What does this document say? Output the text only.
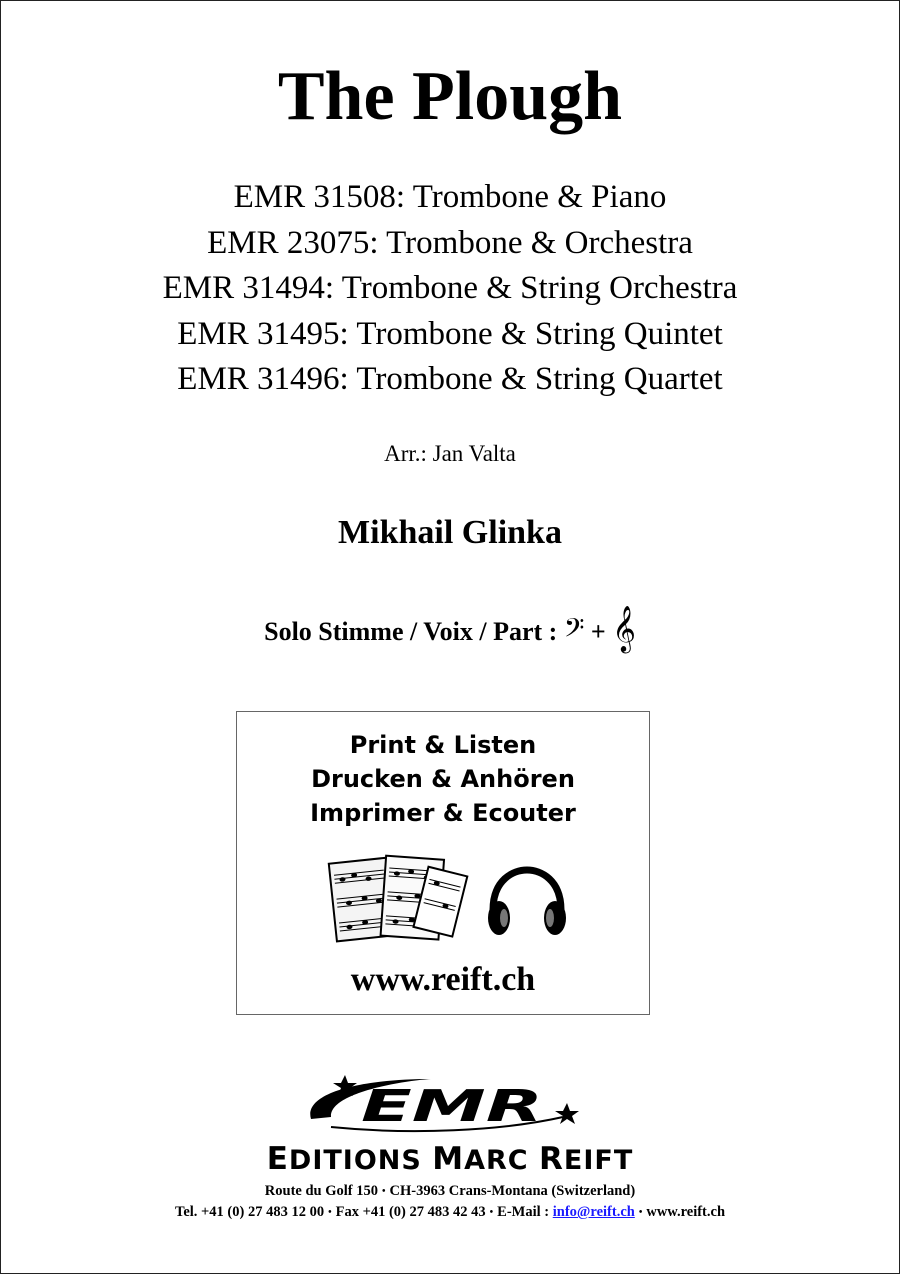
The Plough
EMR 31508: Trombone & Piano
EMR 23075: Trombone & Orchestra
EMR 31494: Trombone & String Orchestra
EMR 31495: Trombone & String Quintet
EMR 31496: Trombone & String Quartet
Arr.: Jan Valta
Mikhail Glinka
Solo Stimme / Voix / Part : 𝄢 + 𝄞
Print & Listen
Drucken & Anhören
Imprimer & Ecouter
www.reift.ch
EMR
EDITIONS MARC REIFT
Route du Golf 150 • CH-3963 Crans-Montana (Switzerland)
Tel. +41 (0) 27 483 12 00 • Fax +41 (0) 27 483 42 43 • E-Mail : info@reift.ch • www.reift.ch
